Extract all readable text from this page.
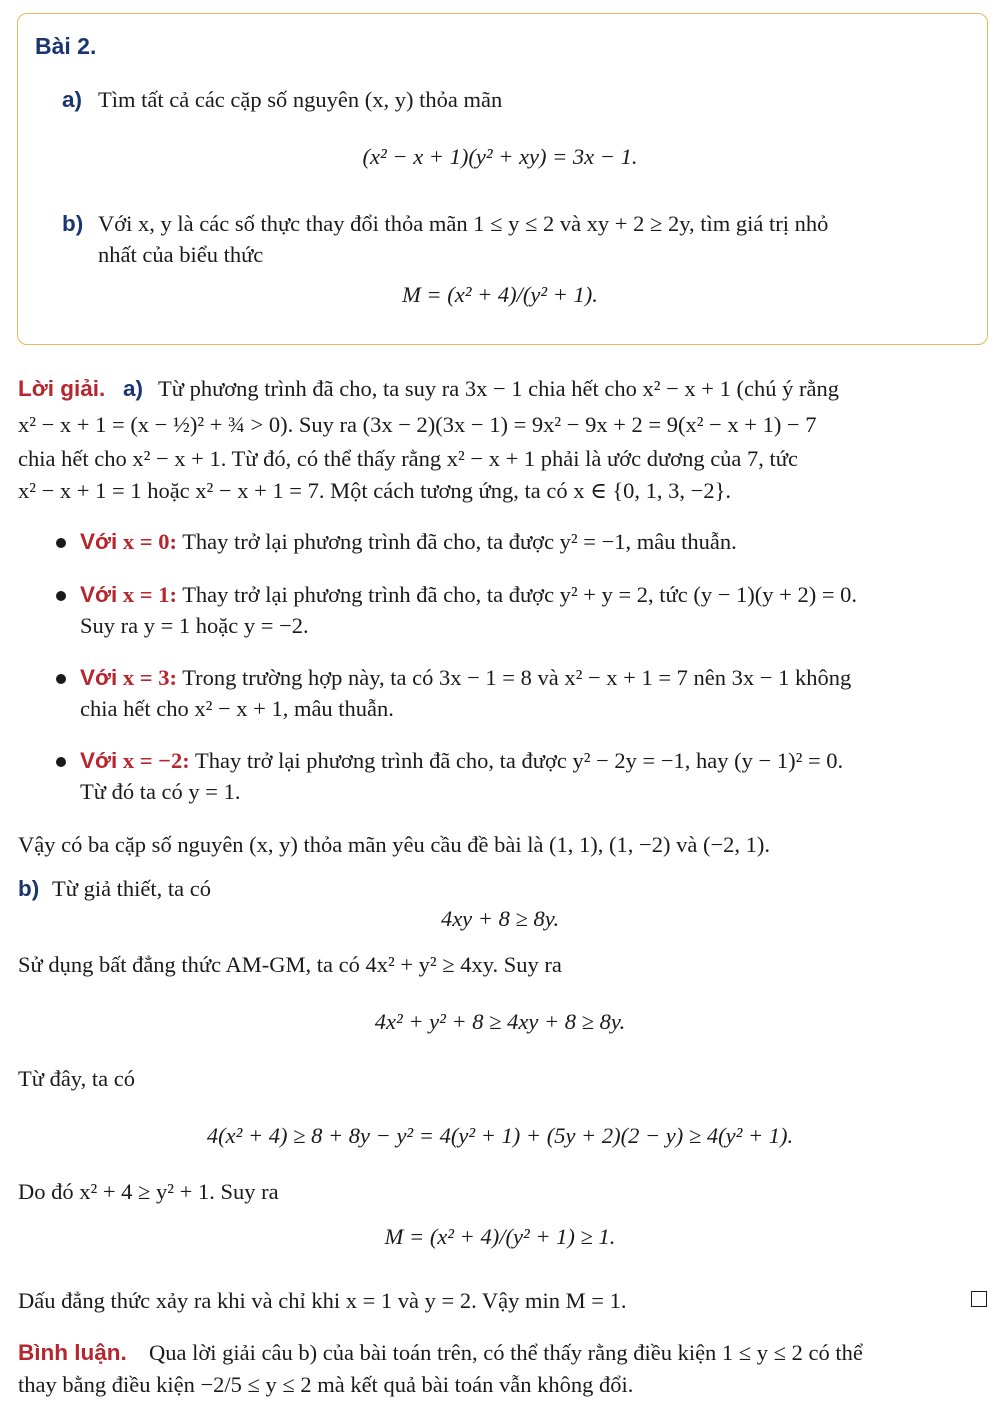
Bài 2.
a) Tìm tất cả các cặp số nguyên (x, y) thỏa mãn
(x² − x + 1)(y² + xy) = 3x − 1.
b) Với x, y là các số thực thay đổi thỏa mãn 1 ≤ y ≤ 2 và xy + 2 ≥ 2y, tìm giá trị nhỏ
nhất của biểu thức
M = (x² + 4)/(y² + 1).
Lời giải. a) Từ phương trình đã cho, ta suy ra 3x − 1 chia hết cho x² − x + 1 (chú ý rằng
x² − x + 1 = (x − ½)² + ¾ > 0). Suy ra (3x − 2)(3x − 1) = 9x² − 9x + 2 = 9(x² − x + 1) − 7
chia hết cho x² − x + 1. Từ đó, có thể thấy rằng x² − x + 1 phải là ước dương của 7, tức
x² − x + 1 = 1 hoặc x² − x + 1 = 7. Một cách tương ứng, ta có x ∈ {0, 1, 3, −2}.
Với x = 0: Thay trở lại phương trình đã cho, ta được y² = −1, mâu thuẫn.
Với x = 1: Thay trở lại phương trình đã cho, ta được y² + y = 2, tức (y − 1)(y + 2) = 0.
Suy ra y = 1 hoặc y = −2.
Với x = 3: Trong trường hợp này, ta có 3x − 1 = 8 và x² − x + 1 = 7 nên 3x − 1 không
chia hết cho x² − x + 1, mâu thuẫn.
Với x = −2: Thay trở lại phương trình đã cho, ta được y² − 2y = −1, hay (y − 1)² = 0.
Từ đó ta có y = 1.
Vậy có ba cặp số nguyên (x, y) thỏa mãn yêu cầu đề bài là (1, 1), (1, −2) và (−2, 1).
b) Từ giả thiết, ta có
4xy + 8 ≥ 8y.
Sử dụng bất đẳng thức AM-GM, ta có 4x² + y² ≥ 4xy. Suy ra
4x² + y² + 8 ≥ 4xy + 8 ≥ 8y.
Từ đây, ta có
4(x² + 4) ≥ 8 + 8y − y² = 4(y² + 1) + (5y + 2)(2 − y) ≥ 4(y² + 1).
Do đó x² + 4 ≥ y² + 1. Suy ra
M = (x² + 4)/(y² + 1) ≥ 1.
Dấu đẳng thức xảy ra khi và chỉ khi x = 1 và y = 2. Vậy min M = 1.
Bình luận. Qua lời giải câu b) của bài toán trên, có thể thấy rằng điều kiện 1 ≤ y ≤ 2 có thể
thay bằng điều kiện −2/5 ≤ y ≤ 2 mà kết quả bài toán vẫn không đổi.
